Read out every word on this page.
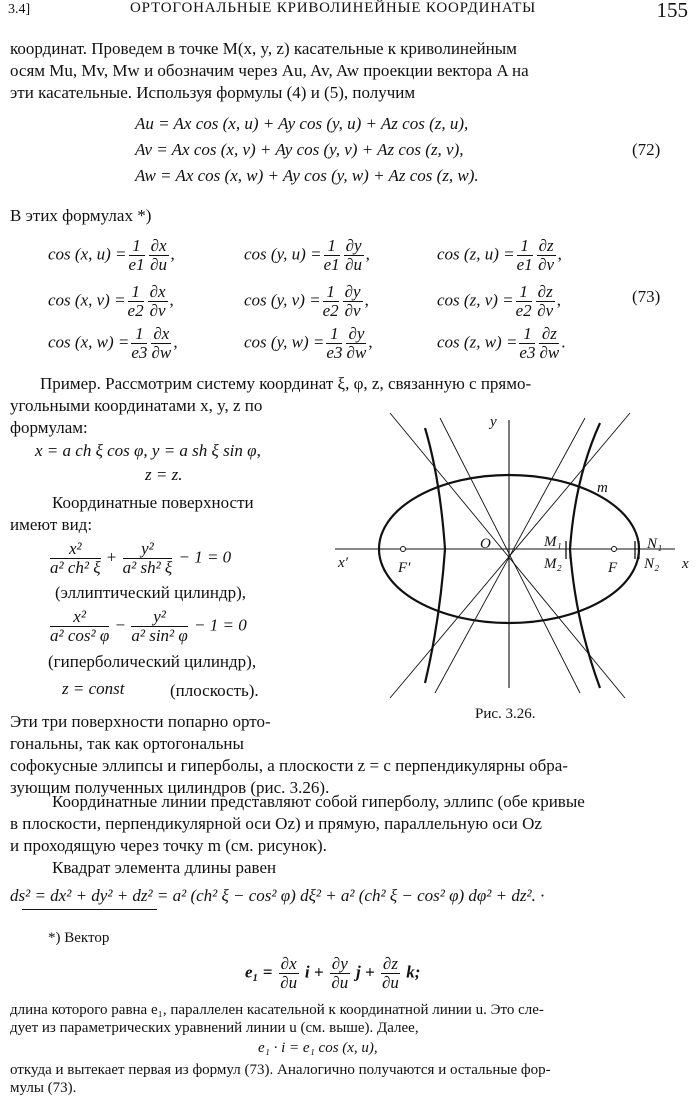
3.4]	ОРТОГОНАЛЬНЫЕ КРИВОЛИНЕЙНЫЕ КООРДИНАТЫ	155
координат. Проведем в точке M(x, y, z) касательные к криволинейным
осям Mu, Mv, Mw и обозначим через Au, Av, Aw проекции вектора A на
эти касательные. Используя формулы (4) и (5), получим
Au = Ax cos (x, u) + Ay cos (y, u) + Az cos (z, u),
Av = Ax cos (x, v) + Ay cos (y, v) + Az cos (z, v),
Aw = Ax cos (x, w) + Ay cos (y, w) + Az cos (z, w).
(72)
В этих формулах *)
cos (x, $u) = \frac{1}{e1} \frac{\partial x}{\partial u}$ ,	cos (y, $u) = \frac{1}{e1} \frac{\partial y}{\partial u}$ ,	cos (z, $u) = \frac{1}{e1} \frac{\partial z}{\partial v}$ ,
cos (x, $v) = \frac{1}{e2} \frac{\partial x}{\partial v}$ ,	cos (y, $v) = \frac{1}{e2} \frac{\partial y}{\partial v}$ ,	cos (z, $v) = \frac{1}{e2} \frac{\partial z}{\partial v}$ ,
cos (x, $w) = \frac{1}{e3} \frac{\partial x}{\partial w}$ ,	cos (y, $w) = \frac{1}{e3} \frac{\partial y}{\partial w}$ ,	cos (z, $w) = \frac{1}{e3} \frac{\partial z}{\partial w}$ .
(73)
Пример. Рассмотрим систему координат ξ, φ, z, связанную с прямо-
угольными координатами x, y, z по
формулам:
x = a ch ξ cos φ, y = a sh ξ sin φ,
z = z.
Координатные поверхности
имеют вид:
$\frac{\text{x²}}{\text{a² ch² ξ}} + \frac{\text{y²}}{\text{a² sh² ξ}} - 1 = 0$
(эллиптический цилиндр),
$\frac{\text{x²}}{\text{a² cos² φ}} - \frac{\text{y²}}{\text{a² sin² φ}} - 1 = 0$
(гиперболический цилиндр),
z = const	(плоскость).
Эти три поверхности попарно орто-
гональны, так как ортогональны
софокусные эллипсы и гиперболы, а плоскости z = c перпендикулярны обра-
зующим полученных цилиндров (рис. 3.26).
y
x
x′
O
F
F′
m
M₁
M₂
N₁
N₂
Рис. 3.26.
Координатные линии представляют собой гиперболу, эллипс (обе кривые
в плоскости, перпендикулярной оси Oz) и прямую, параллельную оси Oz
и проходящую через точку m (см. рисунок).
Квадрат элемента длины равен
ds² = dx² + dy² + dz² = a² (ch² ξ − cos² φ) dξ² + a² (ch² ξ − cos² φ) dφ² + dz². ·
*) Вектор
$e_1 = \frac{\partial x}{\partial u}$ $i + \frac{\partial y}{\partial u}$ $j + \frac{\partial z}{\partial u} k$;
длина которого равна e₁, параллелен касательной к координатной линии u. Это сле-
дует из параметрических уравнений линии u (см. выше). Далее,
e₁ · i = e₁ cos (x, u),
откуда и вытекает первая из формул (73). Аналогично получаются и остальные фор-
мулы (73).
